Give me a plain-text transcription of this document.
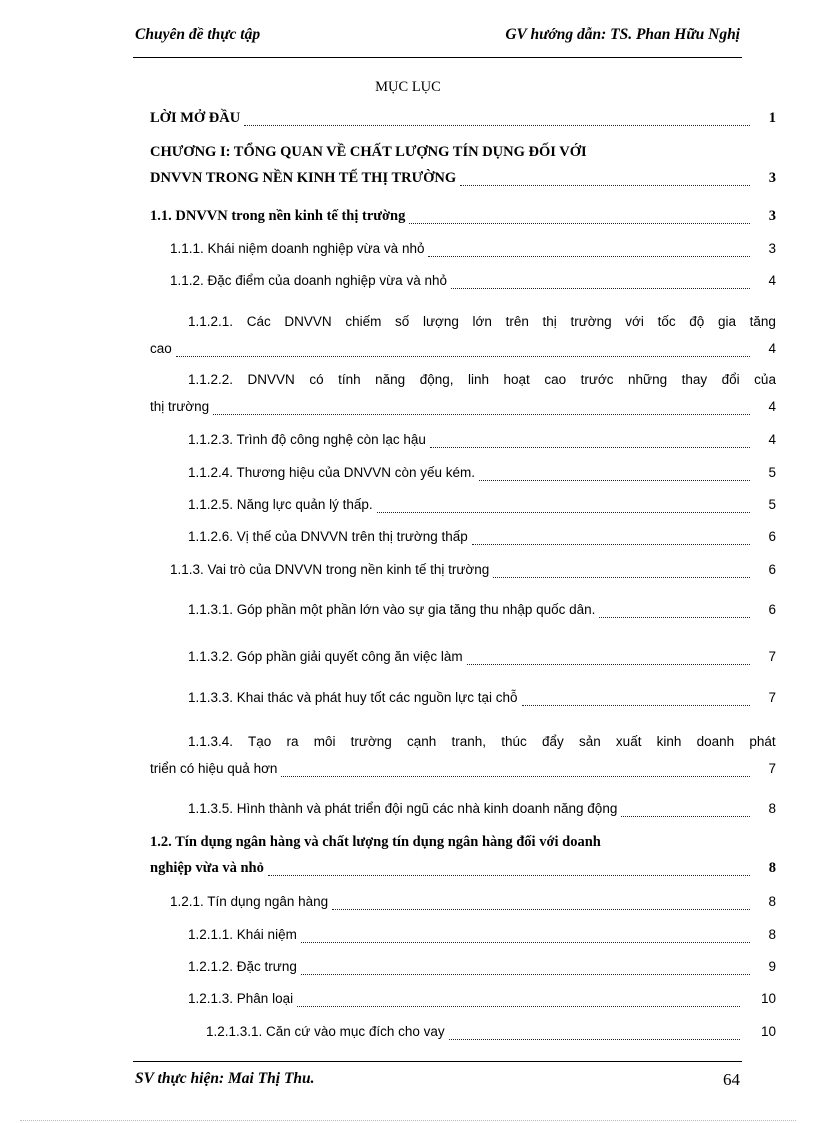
Chuyên đề thực tập	GV hướng dẫn: TS. Phan Hữu Nghị
MỤC LỤC
LỜI MỞ ĐẦU	1
CHƯƠNG I: TỔNG QUAN VỀ CHẤT LƯỢNG TÍN DỤNG ĐỐI VỚI
DNVVN TRONG NỀN KINH TẾ THỊ TRƯỜNG	3
1.1. DNVVN trong nền kinh tế thị trường	3
1.1.1. Khái niệm doanh nghiệp vừa và nhỏ	3
1.1.2. Đặc điểm của doanh nghiệp vừa và nhỏ	4
1.1.2.1. Các DNVVN chiếm số lượng lớn trên thị trường với tốc độ gia tăng
cao	4
1.1.2.2. DNVVN có tính năng động, linh hoạt cao trước những thay đổi của
thị trường	4
1.1.2.3. Trình độ công nghệ còn lạc hậu	4
1.1.2.4. Thương hiệu của DNVVN còn yếu kém.	5
1.1.2.5. Năng lực quản lý thấp.	5
1.1.2.6. Vị thế của DNVVN trên thị trường thấp	6
1.1.3. Vai trò của DNVVN trong nền kinh tế thị trường	6
1.1.3.1. Góp phần một phần lớn vào sự gia tăng thu nhập quốc dân.	6
1.1.3.2. Góp phần giải quyết công ăn việc làm	7
1.1.3.3. Khai thác và phát huy tốt các nguồn lực tại chỗ	7
1.1.3.4. Tạo ra môi trường cạnh tranh, thúc đẩy sản xuất kinh doanh phát
triển có hiệu quả hơn	7
1.1.3.5. Hình thành và phát triển đội ngũ các nhà kinh doanh năng động	8
1.2. Tín dụng ngân hàng và chất lượng tín dụng ngân hàng đối với doanh
nghiệp vừa và nhỏ	8
1.2.1. Tín dụng ngân hàng	8
1.2.1.1. Khái niệm	8
1.2.1.2. Đặc trưng	9
1.2.1.3. Phân loại	10
1.2.1.3.1. Căn cứ vào mục đích cho vay	10
SV thực hiện: Mai Thị Thu.	64
